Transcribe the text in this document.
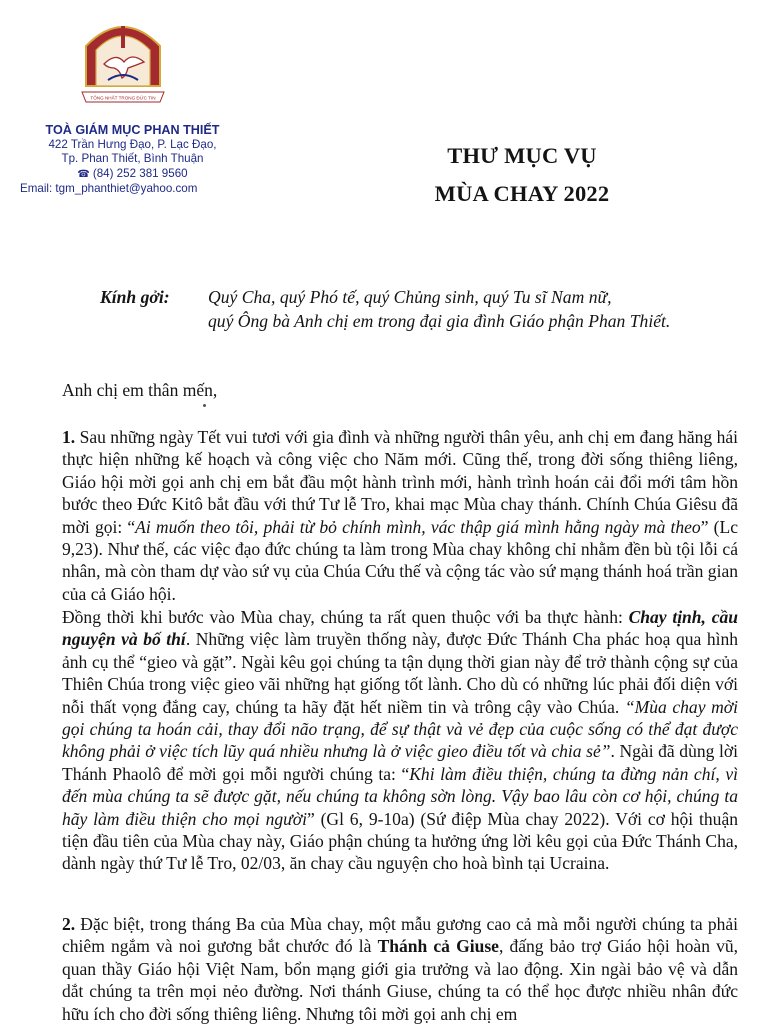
TÔNG NHẤT TRONG ĐỨC TIN
TOÀ GIÁM MỤC PHAN THIẾT
422 Trần Hưng Đạo, P. Lạc Đạo,
Tp. Phan Thiết, Bình Thuận
☎ (84) 252 381 9560
Email: tgm_phanthiet@yahoo.com
THƯ MỤC VỤ
MÙA CHAY 2022
Kính gởi: Quý Cha, quý Phó tế, quý Chủng sinh, quý Tu sĩ Nam nữ,
quý Ông bà Anh chị em trong đại gia đình Giáo phận Phan Thiết.
Anh chị em thân mến,
1. Sau những ngày Tết vui tươi với gia đình và những người thân yêu, anh chị em đang hăng hái thực hiện những kế hoạch và công việc cho Năm mới. Cũng thế, trong đời sống thiêng liêng, Giáo hội mời gọi anh chị em bắt đầu một hành trình mới, hành trình hoán cải đổi mới tâm hồn bước theo Đức Kitô bắt đầu với thứ Tư lễ Tro, khai mạc Mùa chay thánh. Chính Chúa Giêsu đã mời gọi: “Ai muốn theo tôi, phải từ bỏ chính mình, vác thập giá mình hằng ngày mà theo” (Lc 9,23). Như thế, các việc đạo đức chúng ta làm trong Mùa chay không chỉ nhằm đền bù tội lỗi cá nhân, mà còn tham dự vào sứ vụ của Chúa Cứu thế và cộng tác vào sứ mạng thánh hoá trần gian của cả Giáo hội.
Đồng thời khi bước vào Mùa chay, chúng ta rất quen thuộc với ba thực hành: Chay tịnh, cầu nguyện và bố thí. Những việc làm truyền thống này, được Đức Thánh Cha phác hoạ qua hình ảnh cụ thể “gieo và gặt”. Ngài kêu gọi chúng ta tận dụng thời gian này để trở thành cộng sự của Thiên Chúa trong việc gieo vãi những hạt giống tốt lành. Cho dù có những lúc phải đối diện với nỗi thất vọng đắng cay, chúng ta hãy đặt hết niềm tin và trông cậy vào Chúa. “Mùa chay mời gọi chúng ta hoán cải, thay đổi não trạng, để sự thật và vẻ đẹp của cuộc sống có thể đạt được không phải ở việc tích lũy quá nhiều nhưng là ở việc gieo điều tốt và chia sẻ”. Ngài đã dùng lời Thánh Phaolô để mời gọi mỗi người chúng ta: “Khi làm điều thiện, chúng ta đừng nản chí, vì đến mùa chúng ta sẽ được gặt, nếu chúng ta không sờn lòng. Vậy bao lâu còn cơ hội, chúng ta hãy làm điều thiện cho mọi người” (Gl 6, 9-10a) (Sứ điệp Mùa chay 2022). Với cơ hội thuận tiện đầu tiên của Mùa chay này, Giáo phận chúng ta hưởng ứng lời kêu gọi của Đức Thánh Cha, dành ngày thứ Tư lễ Tro, 02/03, ăn chay cầu nguyện cho hoà bình tại Ucraina.
2. Đặc biệt, trong tháng Ba của Mùa chay, một mẫu gương cao cả mà mỗi người chúng ta phải chiêm ngắm và noi gương bắt chước đó là Thánh cả Giuse, đấng bảo trợ Giáo hội hoàn vũ, quan thầy Giáo hội Việt Nam, bổn mạng giới gia trưởng và lao động. Xin ngài bảo vệ và dẫn dắt chúng ta trên mọi nẻo đường. Nơi thánh Giuse, chúng ta có thể học được nhiều nhân đức hữu ích cho đời sống thiêng liêng. Nhưng tôi mời gọi anh chị em
